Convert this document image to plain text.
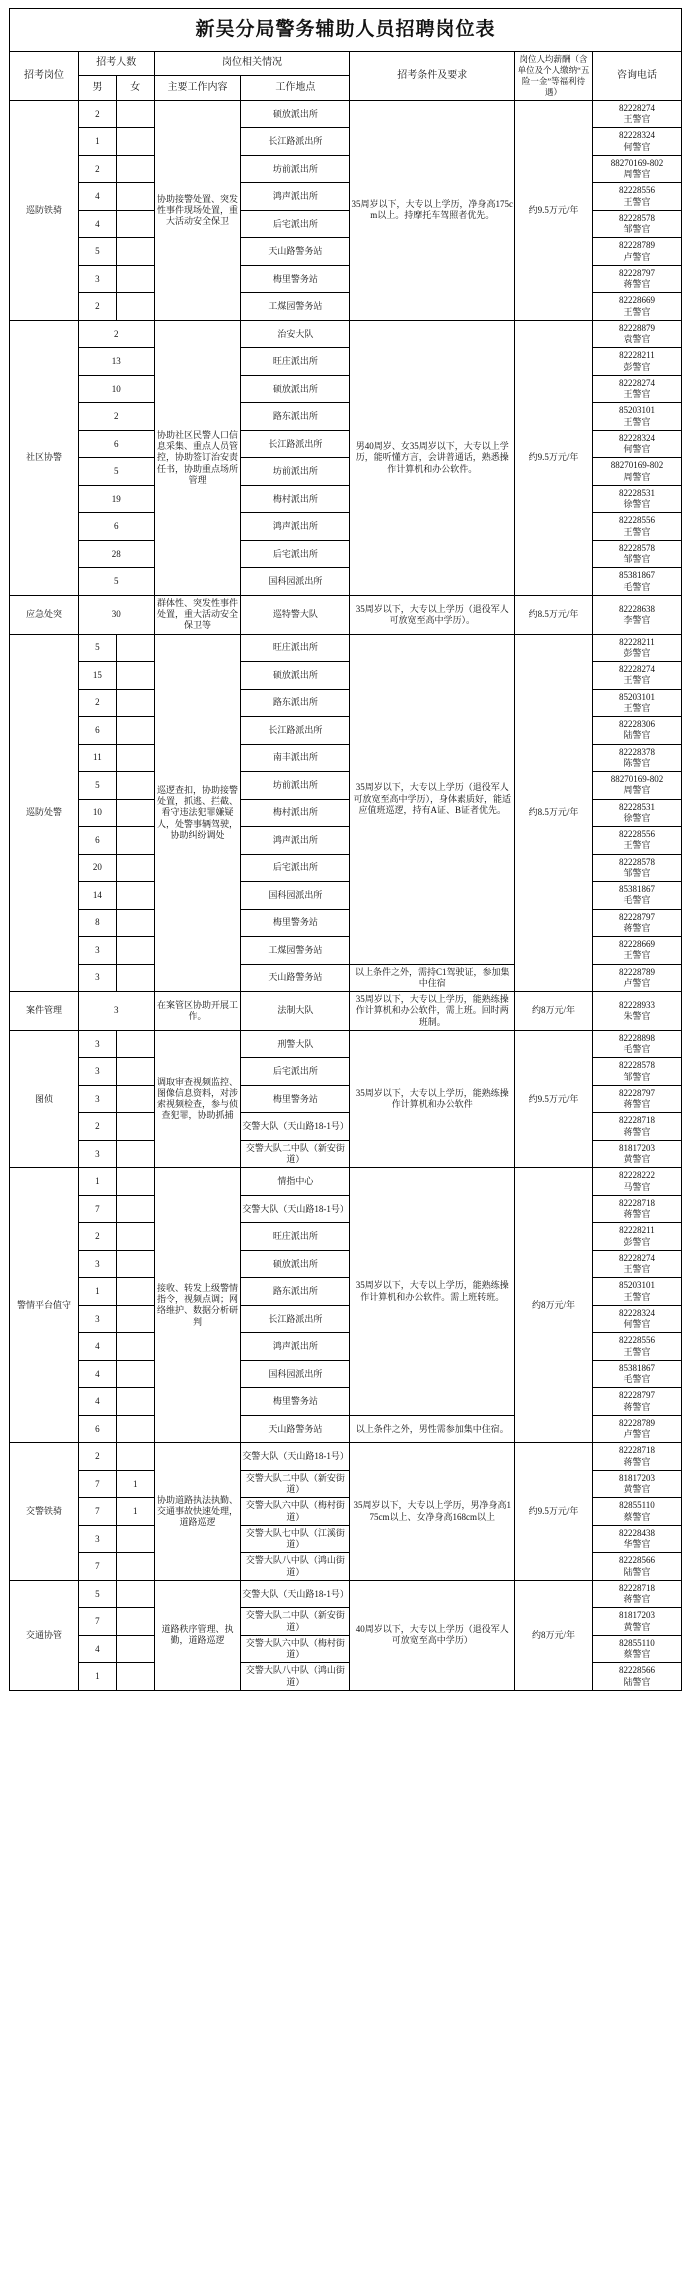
新吴分局警务辅助人员招聘岗位表
招考岗位	招考人数		岗位相关情况		招考条件及要求	岗位人均薪酬（含单位及个人缴纳“五险一金”等福利待遇）	咨询电话
	男	女	主要工作内容	工作地点			
巡防铁骑	2		协助接警处置、突发性事件现场处置，重大活动安全保卫	硕放派出所	35周岁以下，大专以上学历，净身高175cm以上。持摩托车驾照者优先。	约9.5万元/年	82228274
王警官

	1			长江路派出所			82228324
何警官

	2			坊前派出所			88270169-802
周警官

	4			鸿声派出所			82228556
王警官

	4			后宅派出所			82228578
邹警官

	5			天山路警务站			82228789
卢警官

	3			梅里警务站			82228797
蒋警官

	2			工煤园警务站			82228669
王警官

社区协警	2		协助社区民警人口信息采集、重点人员管控，协助签订治安责任书，协助重点场所管理	治安大队	男40周岁、女35周岁以下，大专以上学历，能听懂方言，会讲普通话，熟悉操作计算机和办公软件。	约9.5万元/年	82228879
袁警官

	13			旺庄派出所			82228211
彭警官

	10			硕放派出所			82228274
王警官

	2			路东派出所			85203101
王警官

	6			长江路派出所			82228324
何警官

	5			坊前派出所			88270169-802
周警官

	19			梅村派出所			82228531
徐警官

	6			鸿声派出所			82228556
王警官

	28			后宅派出所			82228578
邹警官

	5			国科园派出所			85381867
毛警官

应急处突	30		群体性、突发性事件处置，重大活动安全保卫等	巡特警大队	35周岁以下，大专以上学历（退役军人可放宽至高中学历）。	约8.5万元/年	82228638
李警官

巡防处警	5		巡逻查扣，协助接警处置，抓逃、拦截、看守违法犯罪嫌疑人，处警事辆驾驶，协助纠纷调处	旺庄派出所	35周岁以下，大专以上学历（退役军人可放宽至高中学历），身体素质好，能适应值班巡逻，持有A证、B证者优先。	约8.5万元/年	82228211
彭警官

	15			硕放派出所			82228274
王警官

	2			路东派出所			85203101
王警官

	6			长江路派出所			82228306
陆警官

	11			南丰派出所			82228378
陈警官

	5			坊前派出所			88270169-802
周警官

	10			梅村派出所			82228531
徐警官

	6			鸿声派出所			82228556
王警官

	20			后宅派出所			82228578
邹警官

	14			国科园派出所			85381867
毛警官

	8			梅里警务站			82228797
蒋警官

	3			工煤园警务站			82228669
王警官

	3			天山路警务站	以上条件之外，需持C1驾驶证，参加集中住宿		82228789
卢警官

案件管理	3		在案管区协助开展工作。	法制大队	35周岁以下，大专以上学历，能熟练操作计算机和办公软件，需上班。回时两班制。	约8万元/年	82228933
朱警官

图侦	3		调取审查视频监控、图像信息资料，对涉索视频检查，参与侦查犯罪，协助抓捕	刑警大队	35周岁以下，大专以上学历，能熟练操作计算机和办公软件	约9.5万元/年	82228898
毛警官

	3			后宅派出所			82228578
邹警官

	3			梅里警务站			82228797
蒋警官

	2			交警大队（天山路18-1号）			82228718
蒋警官

	3			交警大队二中队（新安街道）			81817203
黄警官

警情平台值守	1		接收、转发上级警情指令，视频点调；网络维护、数据分析研判	情指中心	35周岁以下，大专以上学历，能熟练操作计算机和办公软件。需上班转班。	约8万元/年	82228222
马警官

	7			交警大队（天山路18-1号）			82228718
蒋警官

	2			旺庄派出所			82228211
彭警官

	3			硕放派出所			82228274
王警官

	1			路东派出所			85203101
王警官

	3			长江路派出所			82228324
何警官

	4			鸿声派出所			82228556
王警官

	4			国科园派出所			85381867
毛警官

	4			梅里警务站			82228797
蒋警官

	6			天山路警务站	以上条件之外，男性需参加集中住宿。		82228789
卢警官

交警铁骑	2		协助道路执法执勤、交通事故快速处理，道路巡逻	交警大队（天山路18-1号）	35周岁以下，大专以上学历，男净身高175cm以上、女净身高168cm以上	约9.5万元/年	82228718
蒋警官

	7	1		交警大队二中队（新安街道）			81817203
黄警官

	7	1		交警大队六中队（梅村街道）			82855110
蔡警官

	3			交警大队七中队（江溪街道）			82228438
华警官

	7			交警大队八中队（鸿山街道）			82228566
陆警官

交通协管	5		道路秩序管理、执勤，道路巡逻	交警大队（天山路18-1号）	40周岁以下，大专以上学历（退役军人可放宽至高中学历）	约8万元/年	82228718
蒋警官

	7			交警大队二中队（新安街道）			81817203
黄警官

	4			交警大队六中队（梅村街道）			82855110
蔡警官

	1			交警大队八中队（鸿山街道）			82228566
陆警官
